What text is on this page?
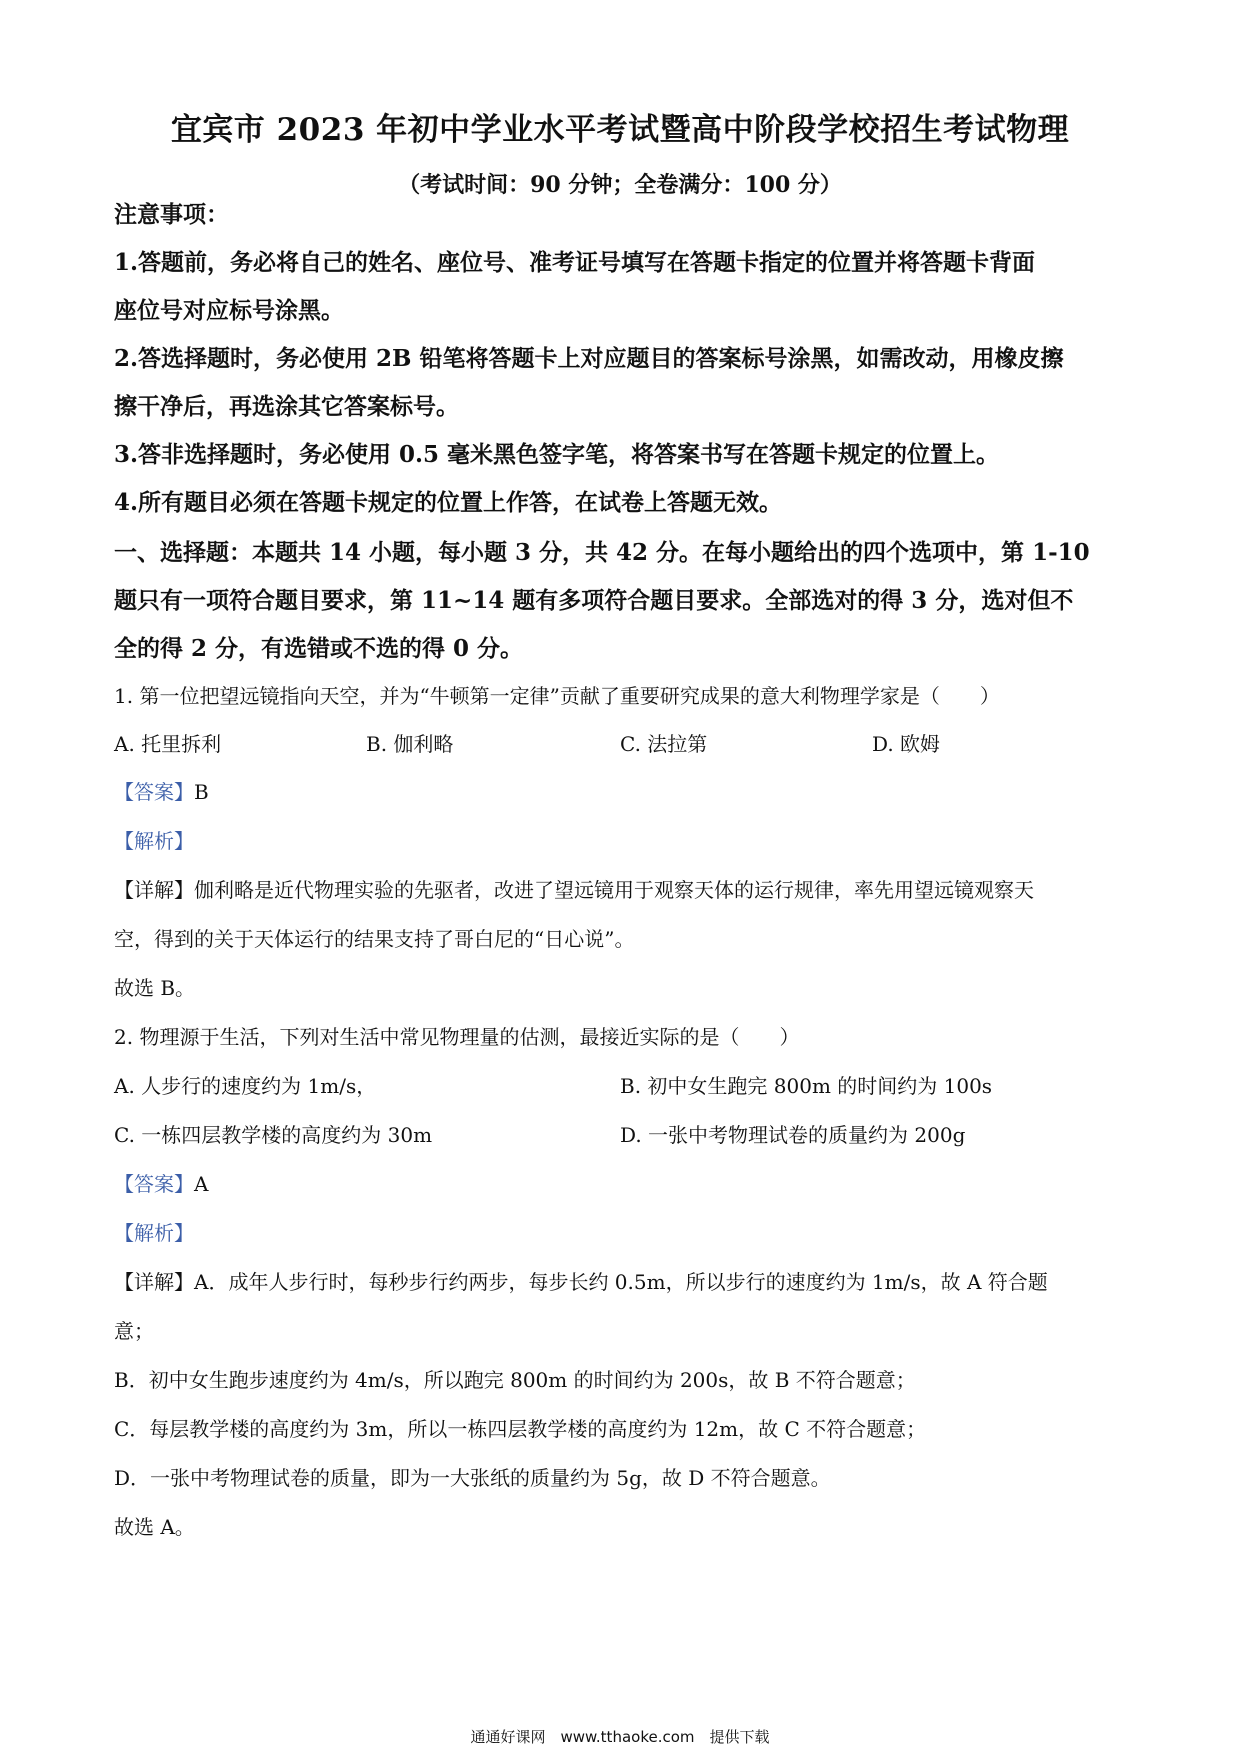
宜宾市 2023 年初中学业水平考试暨高中阶段学校招生考试物理
（考试时间：90 分钟；全卷满分：100 分）
注意事项：
1.答题前，务必将自己的姓名、座位号、准考证号填写在答题卡指定的位置并将答题卡背面
座位号对应标号涂黑。
2.答选择题时，务必使用 2B 铅笔将答题卡上对应题目的答案标号涂黑，如需改动，用橡皮擦
擦干净后，再选涂其它答案标号。
3.答非选择题时，务必使用 0.5 毫米黑色签字笔，将答案书写在答题卡规定的位置上。
4.所有题目必须在答题卡规定的位置上作答，在试卷上答题无效。
一、选择题：本题共 14 小题，每小题 3 分，共 42 分。在每小题给出的四个选项中，第 1-10
题只有一项符合题目要求，第 11~14 题有多项符合题目要求。全部选对的得 3 分，选对但不
全的得 2 分，有选错或不选的得 0 分。
1. 第一位把望远镜指向天空，并为“牛顿第一定律”贡献了重要研究成果的意大利物理学家是（　　）
A. 托里拆利	B. 伽利略	C. 法拉第	D. 欧姆
【答案】B
【解析】
【详解】伽利略是近代物理实验的先驱者，改进了望远镜用于观察天体的运行规律，率先用望远镜观察天
空，得到的关于天体运行的结果支持了哥白尼的“日心说”。
故选 B。
2. 物理源于生活，下列对生活中常见物理量的估测，最接近实际的是（　　）
A. 人步行的速度约为 1m/s，	B. 初中女生跑完 800m 的时间约为 100s
C. 一栋四层教学楼的高度约为 30m	D. 一张中考物理试卷的质量约为 200g
【答案】A
【解析】
【详解】A．成年人步行时，每秒步行约两步，每步长约 0.5m，所以步行的速度约为 1m/s，故 A 符合题
意；
B．初中女生跑步速度约为 4m/s，所以跑完 800m 的时间约为 200s，故 B 不符合题意；
C．每层教学楼的高度约为 3m，所以一栋四层教学楼的高度约为 12m，故 C 不符合题意；
D．一张中考物理试卷的质量，即为一大张纸的质量约为 5g，故 D 不符合题意。
故选 A。
通通好课网　www.tthaoke.com　提供下载
